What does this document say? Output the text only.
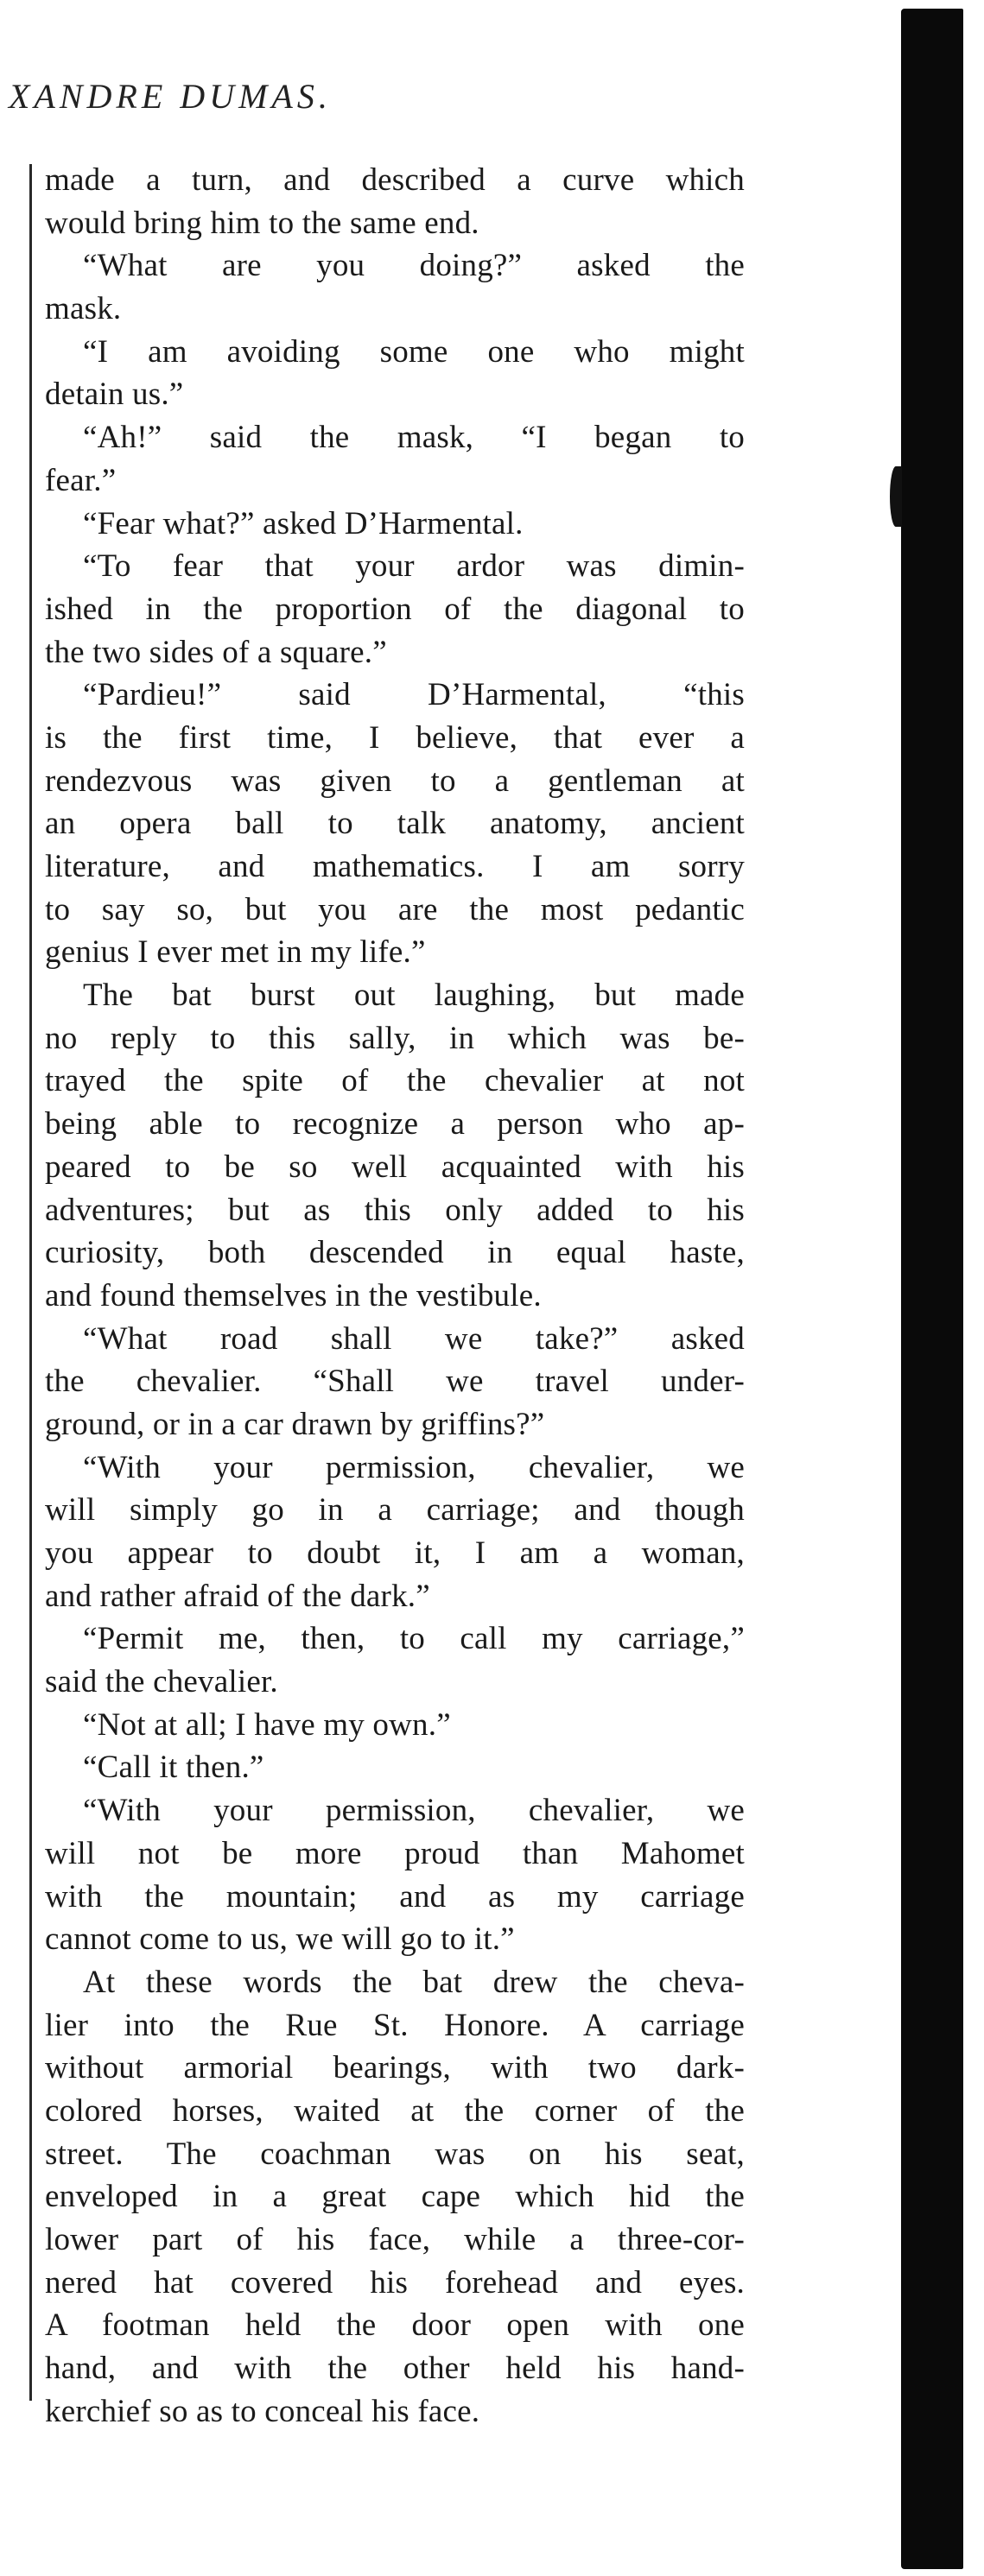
XANDRE DUMAS.
made a turn, and described a curve which
would bring him to the same end.
“What are you doing?” asked the
mask.
“I am avoiding some one who might
detain us.”
“Ah!” said the mask, “I began to
fear.”
“Fear what?” asked D’Harmental.
“To fear that your ardor was dimin-
ished in the proportion of the diagonal to
the two sides of a square.”
“Pardieu!” said D’Harmental, “this
is the first time, I believe, that ever a
rendezvous was given to a gentleman at
an opera ball to talk anatomy, ancient
literature, and mathematics. I am sorry
to say so, but you are the most pedantic
genius I ever met in my life.”
The bat burst out laughing, but made
no reply to this sally, in which was be-
trayed the spite of the chevalier at not
being able to recognize a person who ap-
peared to be so well acquainted with his
adventures; but as this only added to his
curiosity, both descended in equal haste,
and found themselves in the vestibule.
“What road shall we take?” asked
the chevalier. “Shall we travel under-
ground, or in a car drawn by griffins?”
“With your permission, chevalier, we
will simply go in a carriage; and though
you appear to doubt it, I am a woman,
and rather afraid of the dark.”
“Permit me, then, to call my carriage,”
said the chevalier.
“Not at all; I have my own.”
“Call it then.”
“With your permission, chevalier, we
will not be more proud than Mahomet
with the mountain; and as my carriage
cannot come to us, we will go to it.”
At these words the bat drew the cheva-
lier into the Rue St. Honore. A carriage
without armorial bearings, with two dark-
colored horses, waited at the corner of the
street. The coachman was on his seat,
enveloped in a great cape which hid the
lower part of his face, while a three-cor-
nered hat covered his forehead and eyes.
A footman held the door open with one
hand, and with the other held his hand-
kerchief so as to conceal his face.
